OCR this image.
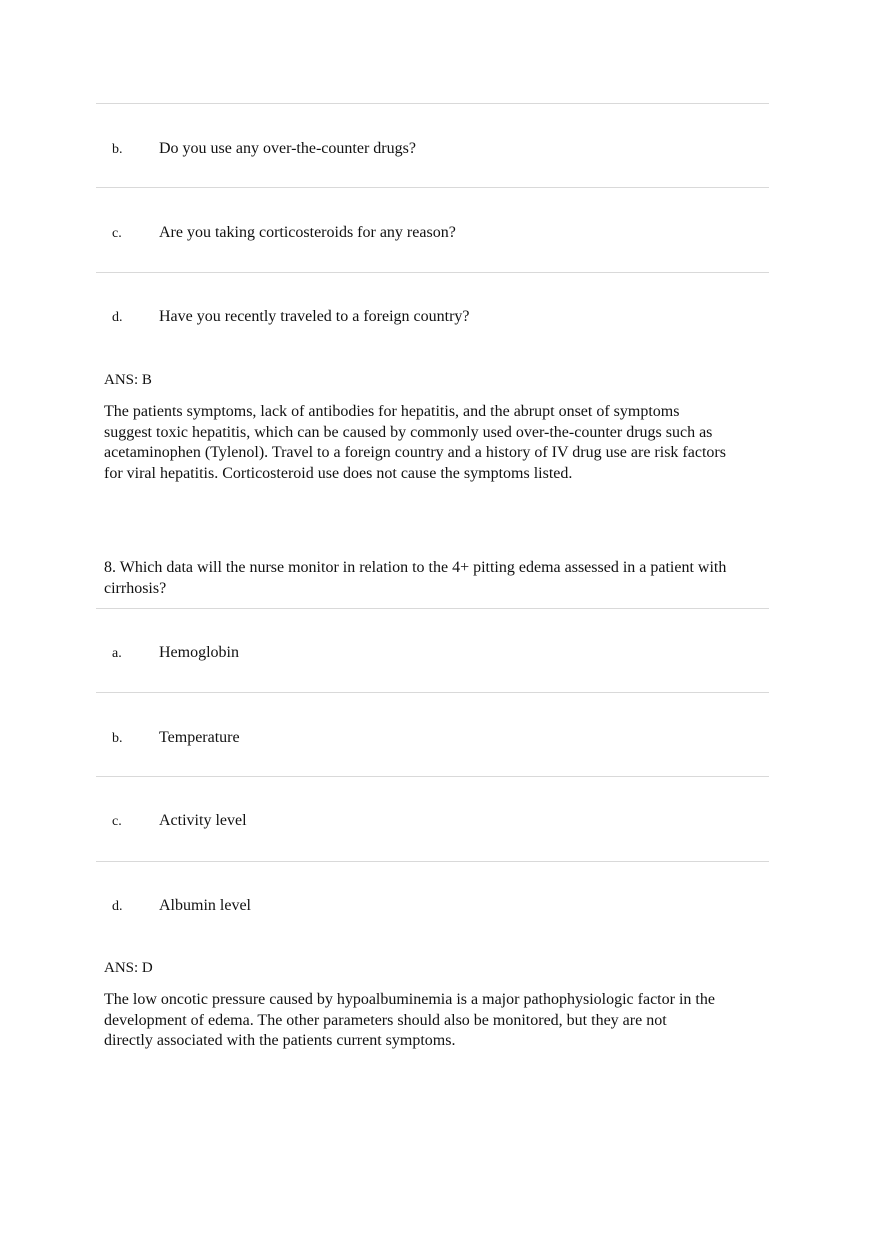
b. Do you use any over-the-counter drugs?
c. Are you taking corticosteroids for any reason?
d. Have you recently traveled to a foreign country?
ANS: B
The patients symptoms, lack of antibodies for hepatitis, and the abrupt onset of symptoms
suggest toxic hepatitis, which can be caused by commonly used over-the-counter drugs such as
acetaminophen (Tylenol). Travel to a foreign country and a history of IV drug use are risk factors
for viral hepatitis. Corticosteroid use does not cause the symptoms listed.
8. Which data will the nurse monitor in relation to the 4+ pitting edema assessed in a patient with
cirrhosis?
a. Hemoglobin
b. Temperature
c. Activity level
d. Albumin level
ANS: D
The low oncotic pressure caused by hypoalbuminemia is a major pathophysiologic factor in the
development of edema. The other parameters should also be monitored, but they are not
directly associated with the patients current symptoms.
